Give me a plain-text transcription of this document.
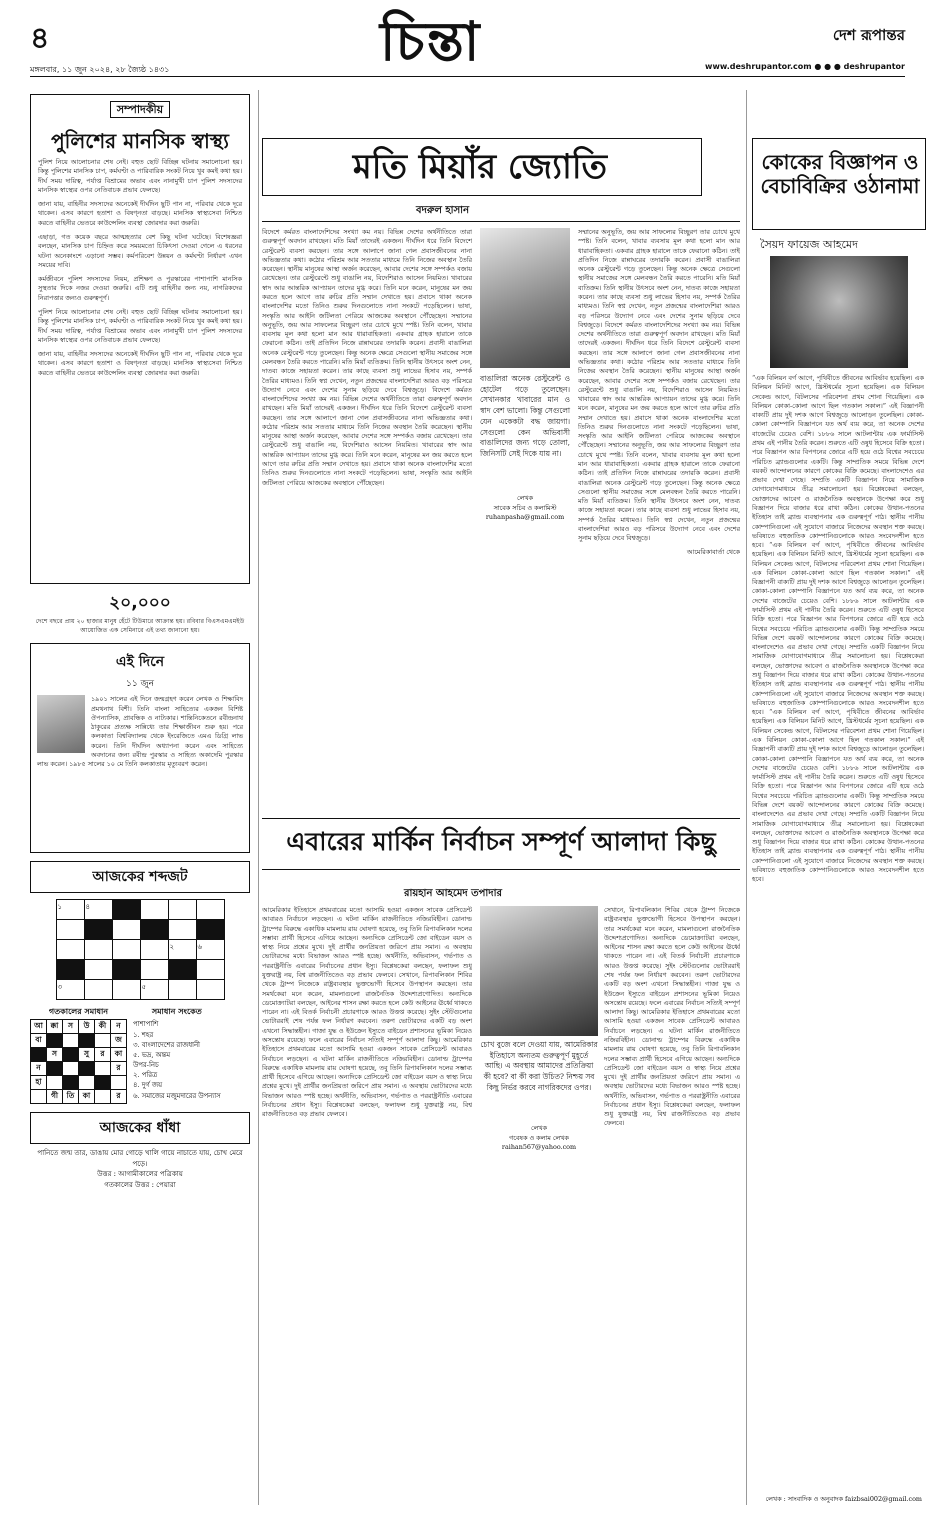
৪	চিন্তা	দেশ রূপান্তর
মঙ্গলবার, ১১ জুন ২০২৪, ২৮ জ্যৈষ্ঠ ১৪৩১	www.deshrupantor.com ● ● ● deshrupantor
সম্পাদকীয়
পুলিশের মানসিক স্বাস্থ্য

পুলিশ নিয়ে আলোচনার শেষ নেই। বহুত ছোট বিচ্ছিন্ন ঘটনায় সমালোচনা হয়। কিন্তু পুলিশের মানসিক চাপ, কর্মঘণ্টা ও পারিবারিক সংকট নিয়ে খুব কমই কথা হয়। দীর্ঘ সময় দায়িত্ব, পর্যাপ্ত বিশ্রামের অভাব এবং নানামুখী চাপ পুলিশ সদস্যদের মানসিক স্বাস্থ্যের ওপর নেতিবাচক প্রভাব ফেলছে।

জানা যায়, বাহিনীর সদস্যদের অনেকেই দীর্ঘদিন ছুটি পান না, পরিবার থেকে দূরে থাকেন। এসব কারণে হতাশা ও বিষণ্নতা বাড়ছে। মানসিক স্বাস্থ্যসেবা নিশ্চিত করতে বাহিনীর ভেতরে কাউন্সেলিং ব্যবস্থা জোরদার করা জরুরি।

এছাড়া, গত কয়েক বছরে আত্মহত্যার বেশ কিছু ঘটনা ঘটেছে। বিশেষজ্ঞরা বলছেন, মানসিক চাপ চিহ্নিত করে সময়মতো চিকিৎসা দেওয়া গেলে এ ধরনের ঘটনা অনেকাংশে এড়ানো সম্ভব। কর্মপরিবেশ উন্নয়ন ও কর্মঘণ্টা নির্ধারণ এখন সময়ের দাবি।

কর্মজীবনে পুলিশ সদস্যদের নিয়ম, প্রশিক্ষণ ও পুরস্কারের পাশাপাশি মানসিক সুস্থতার দিকে নজর দেওয়া জরুরি। এটি শুধু বাহিনীর জন্য নয়, নাগরিকদের নিরাপত্তার জন্যও গুরুত্বপূর্ণ।

পুলিশ নিয়ে আলোচনার শেষ নেই। বহুত ছোট বিচ্ছিন্ন ঘটনায় সমালোচনা হয়। কিন্তু পুলিশের মানসিক চাপ, কর্মঘণ্টা ও পারিবারিক সংকট নিয়ে খুব কমই কথা হয়। দীর্ঘ সময় দায়িত্ব, পর্যাপ্ত বিশ্রামের অভাব এবং নানামুখী চাপ পুলিশ সদস্যদের মানসিক স্বাস্থ্যের ওপর নেতিবাচক প্রভাব ফেলছে।

জানা যায়, বাহিনীর সদস্যদের অনেকেই দীর্ঘদিন ছুটি পান না, পরিবার থেকে দূরে থাকেন। এসব কারণে হতাশা ও বিষণ্নতা বাড়ছে। মানসিক স্বাস্থ্যসেবা নিশ্চিত করতে বাহিনীর ভেতরে কাউন্সেলিং ব্যবস্থা জোরদার করা জরুরি।

২০,০০০
দেশে বছরে প্রায় ২০ হাজার মানুষ হেঁটে টিউমারে আক্রান্ত হয়। রবিবার বিএসএমএমইউ আয়োজিত এক সেমিনারে এই তথ্য জানানো হয়।
এই দিনে
১১ জুন
১৯০১ সালের এই দিনে জন্মগ্রহণ করেন লেখক ও শিক্ষাবিদ প্রমথনাথ বিশী। তিনি বাংলা সাহিত্যের একজন বিশিষ্ট ঔপন্যাসিক, প্রাবন্ধিক ও নাট্যকার। শান্তিনিকেতনে রবীন্দ্রনাথ ঠাকুরের প্রত্যক্ষ সান্নিধ্যে তার শিক্ষাজীবন শুরু হয়। পরে কলকাতা বিশ্ববিদ্যালয় থেকে ইংরেজিতে এমএ ডিগ্রি লাভ করেন। তিনি দীর্ঘদিন অধ্যাপনা করেন এবং সাহিত্যে অবদানের জন্য রবীন্দ্র পুরস্কার ও সাহিত্য অকাদেমি পুরস্কার লাভ করেন। ১৯৮৫ সালের ১০ মে তিনি কলকাতায় মৃত্যুবরণ করেন।
আজকের শব্দজট
১	৪				

				২	৬

৩			৫		
গতকালের সমাধান
আ	ক্কা	স	উ	কী	ন
বা					জ
	স		সু	র	কা
ন					র
হা					
	গী	তি	কা		র
সমাধান সংকেত
পাশাপাশি
১. শহর
৩. বাংলাদেশের রাজধানী
৫. ভদ্র, অন্তম
উপর-নিচ
২. পরিত্র
৪. দুর্গ জয়
৬. সমাজের মজুমদারের উপন্যাস
আজকের ধাঁধা
পানিতে জন্ম তার, ডাঙায় মোর গোড়ে খালি গায়ে নাচাতে যায়, চোখ মেরে পড়ে।
উত্তর : আগামীকালের পত্রিকায়
গতকালের উত্তর : পেয়ারা
মতি মিয়াঁর জ্যোতি
বদরুল হাসান
বিদেশে কর্মরত বাংলাদেশিদের সংখ্যা কম নয়। বিভিন্ন দেশের অর্থনীতিতে তারা গুরুত্বপূর্ণ অবদান রাখছেন। মতি মিয়াঁ তাদেরই একজন। দীর্ঘদিন ধরে তিনি বিদেশে রেস্টুরেন্ট ব্যবসা করছেন। তার সঙ্গে আলাপে জানা গেল প্রবাসজীবনের নানা অভিজ্ঞতার কথা। কঠোর পরিশ্রম আর সততার মাধ্যমে তিনি নিজের অবস্থান তৈরি করেছেন। স্থানীয় মানুষের আস্থা অর্জন করেছেন, আবার দেশের সঙ্গে সম্পর্কও বজায় রেখেছেন। তার রেস্টুরেন্টে শুধু বাঙালি নয়, বিদেশিরাও আসেন নিয়মিত। খাবারের স্বাদ আর আন্তরিক আপ্যায়ন তাদের মুগ্ধ করে। তিনি মনে করেন, মানুষের মন জয় করতে হলে আগে তার রুচির প্রতি সম্মান দেখাতে হয়। প্রবাসে থাকা অনেক বাংলাদেশির মতো তিনিও শুরুর দিনগুলোতে নানা সংকটে পড়েছিলেন। ভাষা, সংস্কৃতি আর আইনি জটিলতা পেরিয়ে আজকের অবস্থানে পৌঁছেছেন। সম্মানের অনুভূতি, জয় আর সাফল্যের বিচ্ছুরণ তার চোখে মুখে স্পষ্ট। তিনি বলেন, খাবার ব্যবসায় মূল কথা হলো মান আর ধারাবাহিকতা। একবার গ্রাহক হারালে তাকে ফেরানো কঠিন। তাই প্রতিদিন নিজে রান্নাঘরের তদারকি করেন। প্রবাসী বাঙালিরা অনেক রেস্টুরেন্ট গড়ে তুলেছেন। কিন্তু অনেক ক্ষেত্রে সেগুলো স্থানীয় সমাজের সঙ্গে মেলবন্ধন তৈরি করতে পারেনি। মতি মিয়াঁ ব্যতিক্রম। তিনি স্থানীয় উৎসবে অংশ নেন, দাতব্য কাজে সহায়তা করেন। তার কাছে ব্যবসা শুধু লাভের হিসাব নয়, সম্পর্ক তৈরির মাধ্যমও। তিনি স্বপ্ন দেখেন, নতুন প্রজন্মের বাংলাদেশিরা আরও বড় পরিসরে উদ্যোগ নেবে এবং দেশের সুনাম ছড়িয়ে দেবে বিশ্বজুড়ে। বিদেশে কর্মরত বাংলাদেশিদের সংখ্যা কম নয়। বিভিন্ন দেশের অর্থনীতিতে তারা গুরুত্বপূর্ণ অবদান রাখছেন। মতি মিয়াঁ তাদেরই একজন। দীর্ঘদিন ধরে তিনি বিদেশে রেস্টুরেন্ট ব্যবসা করছেন। তার সঙ্গে আলাপে জানা গেল প্রবাসজীবনের নানা অভিজ্ঞতার কথা। কঠোর পরিশ্রম আর সততার মাধ্যমে তিনি নিজের অবস্থান তৈরি করেছেন। স্থানীয় মানুষের আস্থা অর্জন করেছেন, আবার দেশের সঙ্গে সম্পর্কও বজায় রেখেছেন। তার রেস্টুরেন্টে শুধু বাঙালি নয়, বিদেশিরাও আসেন নিয়মিত। খাবারের স্বাদ আর আন্তরিক আপ্যায়ন তাদের মুগ্ধ করে। তিনি মনে করেন, মানুষের মন জয় করতে হলে আগে তার রুচির প্রতি সম্মান দেখাতে হয়। প্রবাসে থাকা অনেক বাংলাদেশির মতো তিনিও শুরুর দিনগুলোতে নানা সংকটে পড়েছিলেন। ভাষা, সংস্কৃতি আর আইনি জটিলতা পেরিয়ে আজকের অবস্থানে পৌঁছেছেন।
বাঙালিরা অনেক রেস্টুরেন্ট ও হোটেল গড়ে তুলেছেন। সেখানকার খাবারের মান ও স্বাদ বেশ ভালো। কিন্তু সেগুলো যেন একেকটা বদ্ধ জায়গা। সেগুলো কেন অভিবাসী বাঙালিদের জন্য গড়ে তোলা, জিনিসটি সেই দিকে যায় না।
লেখক
সাবেক সচিব ও কলামিস্ট ruhanpasha@gmail.com
সম্মানের অনুভূতি, জয় আর সাফল্যের বিচ্ছুরণ তার চোখে মুখে স্পষ্ট। তিনি বলেন, খাবার ব্যবসায় মূল কথা হলো মান আর ধারাবাহিকতা। একবার গ্রাহক হারালে তাকে ফেরানো কঠিন। তাই প্রতিদিন নিজে রান্নাঘরের তদারকি করেন। প্রবাসী বাঙালিরা অনেক রেস্টুরেন্ট গড়ে তুলেছেন। কিন্তু অনেক ক্ষেত্রে সেগুলো স্থানীয় সমাজের সঙ্গে মেলবন্ধন তৈরি করতে পারেনি। মতি মিয়াঁ ব্যতিক্রম। তিনি স্থানীয় উৎসবে অংশ নেন, দাতব্য কাজে সহায়তা করেন। তার কাছে ব্যবসা শুধু লাভের হিসাব নয়, সম্পর্ক তৈরির মাধ্যমও। তিনি স্বপ্ন দেখেন, নতুন প্রজন্মের বাংলাদেশিরা আরও বড় পরিসরে উদ্যোগ নেবে এবং দেশের সুনাম ছড়িয়ে দেবে বিশ্বজুড়ে। বিদেশে কর্মরত বাংলাদেশিদের সংখ্যা কম নয়। বিভিন্ন দেশের অর্থনীতিতে তারা গুরুত্বপূর্ণ অবদান রাখছেন। মতি মিয়াঁ তাদেরই একজন। দীর্ঘদিন ধরে তিনি বিদেশে রেস্টুরেন্ট ব্যবসা করছেন। তার সঙ্গে আলাপে জানা গেল প্রবাসজীবনের নানা অভিজ্ঞতার কথা। কঠোর পরিশ্রম আর সততার মাধ্যমে তিনি নিজের অবস্থান তৈরি করেছেন। স্থানীয় মানুষের আস্থা অর্জন করেছেন, আবার দেশের সঙ্গে সম্পর্কও বজায় রেখেছেন। তার রেস্টুরেন্টে শুধু বাঙালি নয়, বিদেশিরাও আসেন নিয়মিত। খাবারের স্বাদ আর আন্তরিক আপ্যায়ন তাদের মুগ্ধ করে। তিনি মনে করেন, মানুষের মন জয় করতে হলে আগে তার রুচির প্রতি সম্মান দেখাতে হয়। প্রবাসে থাকা অনেক বাংলাদেশির মতো তিনিও শুরুর দিনগুলোতে নানা সংকটে পড়েছিলেন। ভাষা, সংস্কৃতি আর আইনি জটিলতা পেরিয়ে আজকের অবস্থানে পৌঁছেছেন। সম্মানের অনুভূতি, জয় আর সাফল্যের বিচ্ছুরণ তার চোখে মুখে স্পষ্ট। তিনি বলেন, খাবার ব্যবসায় মূল কথা হলো মান আর ধারাবাহিকতা। একবার গ্রাহক হারালে তাকে ফেরানো কঠিন। তাই প্রতিদিন নিজে রান্নাঘরের তদারকি করেন। প্রবাসী বাঙালিরা অনেক রেস্টুরেন্ট গড়ে তুলেছেন। কিন্তু অনেক ক্ষেত্রে সেগুলো স্থানীয় সমাজের সঙ্গে মেলবন্ধন তৈরি করতে পারেনি। মতি মিয়াঁ ব্যতিক্রম। তিনি স্থানীয় উৎসবে অংশ নেন, দাতব্য কাজে সহায়তা করেন। তার কাছে ব্যবসা শুধু লাভের হিসাব নয়, সম্পর্ক তৈরির মাধ্যমও। তিনি স্বপ্ন দেখেন, নতুন প্রজন্মের বাংলাদেশিরা আরও বড় পরিসরে উদ্যোগ নেবে এবং দেশের সুনাম ছড়িয়ে দেবে বিশ্বজুড়ে।
আমেরিকাবার্তা থেকে
এবারের মার্কিন নির্বাচন সম্পূর্ণ আলাদা কিছু
রায়হান আহমেদ তপাদার
আমেরিকার ইতিহাসে প্রথমবারের মতো আসামি হওয়া একজন সাবেক প্রেসিডেন্ট আবারও নির্বাচনে লড়ছেন। এ ঘটনা মার্কিন রাজনীতিতে নজিরবিহীন। ডোনাল্ড ট্রাম্পের বিরুদ্ধে একাধিক মামলায় রায় ঘোষণা হয়েছে, তবু তিনি রিপাবলিকান দলের সম্ভাব্য প্রার্থী হিসেবে এগিয়ে আছেন। অন্যদিকে প্রেসিডেন্ট জো বাইডেন বয়স ও স্বাস্থ্য নিয়ে প্রশ্নের মুখে। দুই প্রার্থীর জনপ্রিয়তা জরিপে প্রায় সমান। এ অবস্থায় ভোটারদের মধ্যে বিভাজন আরও স্পষ্ট হচ্ছে। অর্থনীতি, অভিবাসন, গর্ভপাত ও পররাষ্ট্রনীতি এবারের নির্বাচনের প্রধান ইস্যু। বিশ্লেষকেরা বলছেন, ফলাফল শুধু যুক্তরাষ্ট্র নয়, বিশ্ব রাজনীতিতেও বড় প্রভাব ফেলবে। সেখানে, রিপাবলিকান শিবির থেকে ট্রাম্প নিজেকে রাষ্ট্রব্যবস্থার ভুক্তভোগী হিসেবে উপস্থাপন করছেন। তার সমর্থকেরা মনে করেন, মামলাগুলো রাজনৈতিক উদ্দেশ্যপ্রণোদিত। অন্যদিকে ডেমোক্র্যাটরা বলছেন, আইনের শাসন রক্ষা করতে হলে কেউ আইনের ঊর্ধ্বে থাকতে পারেন না। এই বিতর্ক নির্বাচনী প্রচারণাকে আরও উত্তপ্ত করেছে। সুইং স্টেটগুলোর ভোটাররাই শেষ পর্যন্ত ফল নির্ধারণ করবেন। তরুণ ভোটারদের একটি বড় অংশ এখনো সিদ্ধান্তহীন। গাজা যুদ্ধ ও ইউক্রেন ইস্যুতে বাইডেন প্রশাসনের ভূমিকা নিয়েও অসন্তোষ রয়েছে। ফলে এবারের নির্বাচন সত্যিই সম্পূর্ণ আলাদা কিছু। আমেরিকার ইতিহাসে প্রথমবারের মতো আসামি হওয়া একজন সাবেক প্রেসিডেন্ট আবারও নির্বাচনে লড়ছেন। এ ঘটনা মার্কিন রাজনীতিতে নজিরবিহীন। ডোনাল্ড ট্রাম্পের বিরুদ্ধে একাধিক মামলায় রায় ঘোষণা হয়েছে, তবু তিনি রিপাবলিকান দলের সম্ভাব্য প্রার্থী হিসেবে এগিয়ে আছেন। অন্যদিকে প্রেসিডেন্ট জো বাইডেন বয়স ও স্বাস্থ্য নিয়ে প্রশ্নের মুখে। দুই প্রার্থীর জনপ্রিয়তা জরিপে প্রায় সমান। এ অবস্থায় ভোটারদের মধ্যে বিভাজন আরও স্পষ্ট হচ্ছে। অর্থনীতি, অভিবাসন, গর্ভপাত ও পররাষ্ট্রনীতি এবারের নির্বাচনের প্রধান ইস্যু। বিশ্লেষকেরা বলছেন, ফলাফল শুধু যুক্তরাষ্ট্র নয়, বিশ্ব রাজনীতিতেও বড় প্রভাব ফেলবে।
চোখ বুজে বলে দেওয়া যায়, আমেরিকার ইতিহাসে অন্যতম গুরুত্বপূর্ণ মুহূর্তে আছি। এ অবস্থায় আমাদের প্রতিক্রিয়া কী হবে? বা কী করা উচিত? নিশ্চয় সব কিছু নির্ভর করবে নাগরিকদের ওপর।
লেখক
গবেষক ও কলাম লেখক raihan567@yahoo.com
সেখানে, রিপাবলিকান শিবির থেকে ট্রাম্প নিজেকে রাষ্ট্রব্যবস্থার ভুক্তভোগী হিসেবে উপস্থাপন করছেন। তার সমর্থকেরা মনে করেন, মামলাগুলো রাজনৈতিক উদ্দেশ্যপ্রণোদিত। অন্যদিকে ডেমোক্র্যাটরা বলছেন, আইনের শাসন রক্ষা করতে হলে কেউ আইনের ঊর্ধ্বে থাকতে পারেন না। এই বিতর্ক নির্বাচনী প্রচারণাকে আরও উত্তপ্ত করেছে। সুইং স্টেটগুলোর ভোটাররাই শেষ পর্যন্ত ফল নির্ধারণ করবেন। তরুণ ভোটারদের একটি বড় অংশ এখনো সিদ্ধান্তহীন। গাজা যুদ্ধ ও ইউক্রেন ইস্যুতে বাইডেন প্রশাসনের ভূমিকা নিয়েও অসন্তোষ রয়েছে। ফলে এবারের নির্বাচন সত্যিই সম্পূর্ণ আলাদা কিছু। আমেরিকার ইতিহাসে প্রথমবারের মতো আসামি হওয়া একজন সাবেক প্রেসিডেন্ট আবারও নির্বাচনে লড়ছেন। এ ঘটনা মার্কিন রাজনীতিতে নজিরবিহীন। ডোনাল্ড ট্রাম্পের বিরুদ্ধে একাধিক মামলায় রায় ঘোষণা হয়েছে, তবু তিনি রিপাবলিকান দলের সম্ভাব্য প্রার্থী হিসেবে এগিয়ে আছেন। অন্যদিকে প্রেসিডেন্ট জো বাইডেন বয়স ও স্বাস্থ্য নিয়ে প্রশ্নের মুখে। দুই প্রার্থীর জনপ্রিয়তা জরিপে প্রায় সমান। এ অবস্থায় ভোটারদের মধ্যে বিভাজন আরও স্পষ্ট হচ্ছে। অর্থনীতি, অভিবাসন, গর্ভপাত ও পররাষ্ট্রনীতি এবারের নির্বাচনের প্রধান ইস্যু। বিশ্লেষকেরা বলছেন, ফলাফল শুধু যুক্তরাষ্ট্র নয়, বিশ্ব রাজনীতিতেও বড় প্রভাব ফেলবে।
কোকের বিজ্ঞাপন ও বেচাবিক্রির ওঠানামা
সৈয়দ ফায়েজ আহমেদ
“এক বিলিয়ন বর্গ আগে, পৃথিবীতে জীবনের আবির্ভাব হয়েছিল। এক বিলিয়ন মিনিট আগে, খ্রিস্টধর্মের সূচনা হয়েছিল। এক বিলিয়ন সেকেন্ড আগে, বিটলসের পরিবেশনা প্রথম শোনা গিয়েছিল। এক বিলিয়ন কোকা-কোলা আগে ছিল গতকাল সকাল।” এই বিজ্ঞাপনী বাক্যটি প্রায় দুই দশক আগে বিশ্বজুড়ে আলোড়ন তুলেছিল। কোকা-কোলা কোম্পানি বিজ্ঞাপনে যত অর্থ ব্যয় করে, তা অনেক দেশের বাজেটের চেয়েও বেশি। ১৮৮৬ সালে আটলান্টায় এক ফার্মাসিস্ট প্রথম এই পানীয় তৈরি করেন। শুরুতে এটি ওষুধ হিসেবে বিক্রি হতো। পরে বিজ্ঞাপন আর বিপণনের জোরে এটি হয়ে ওঠে বিশ্বের সবচেয়ে পরিচিত ব্র্যান্ডগুলোর একটি। কিন্তু সাম্প্রতিক সময়ে বিভিন্ন দেশে বয়কট আন্দোলনের কারণে কোকের বিক্রি কমেছে। বাংলাদেশেও এর প্রভাব দেখা গেছে। সম্প্রতি একটি বিজ্ঞাপন নিয়ে সামাজিক যোগাযোগমাধ্যমে তীব্র সমালোচনা হয়। বিশ্লেষকেরা বলছেন, ভোক্তাদের আবেগ ও রাজনৈতিক অবস্থানকে উপেক্ষা করে শুধু বিজ্ঞাপন দিয়ে বাজার ধরে রাখা কঠিন। কোকের উত্থান-পতনের ইতিহাস তাই ব্র্যান্ড ব্যবস্থাপনার এক গুরুত্বপূর্ণ পাঠ। স্থানীয় পানীয় কোম্পানিগুলো এই সুযোগে বাজারে নিজেদের অবস্থান শক্ত করছে। ভবিষ্যতে বহুজাতিক কোম্পানিগুলোকে আরও সংবেদনশীল হতে হবে। “এক বিলিয়ন বর্গ আগে, পৃথিবীতে জীবনের আবির্ভাব হয়েছিল। এক বিলিয়ন মিনিট আগে, খ্রিস্টধর্মের সূচনা হয়েছিল। এক বিলিয়ন সেকেন্ড আগে, বিটলসের পরিবেশনা প্রথম শোনা গিয়েছিল। এক বিলিয়ন কোকা-কোলা আগে ছিল গতকাল সকাল।” এই বিজ্ঞাপনী বাক্যটি প্রায় দুই দশক আগে বিশ্বজুড়ে আলোড়ন তুলেছিল। কোকা-কোলা কোম্পানি বিজ্ঞাপনে যত অর্থ ব্যয় করে, তা অনেক দেশের বাজেটের চেয়েও বেশি। ১৮৮৬ সালে আটলান্টায় এক ফার্মাসিস্ট প্রথম এই পানীয় তৈরি করেন। শুরুতে এটি ওষুধ হিসেবে বিক্রি হতো। পরে বিজ্ঞাপন আর বিপণনের জোরে এটি হয়ে ওঠে বিশ্বের সবচেয়ে পরিচিত ব্র্যান্ডগুলোর একটি। কিন্তু সাম্প্রতিক সময়ে বিভিন্ন দেশে বয়কট আন্দোলনের কারণে কোকের বিক্রি কমেছে। বাংলাদেশেও এর প্রভাব দেখা গেছে। সম্প্রতি একটি বিজ্ঞাপন নিয়ে সামাজিক যোগাযোগমাধ্যমে তীব্র সমালোচনা হয়। বিশ্লেষকেরা বলছেন, ভোক্তাদের আবেগ ও রাজনৈতিক অবস্থানকে উপেক্ষা করে শুধু বিজ্ঞাপন দিয়ে বাজার ধরে রাখা কঠিন। কোকের উত্থান-পতনের ইতিহাস তাই ব্র্যান্ড ব্যবস্থাপনার এক গুরুত্বপূর্ণ পাঠ। স্থানীয় পানীয় কোম্পানিগুলো এই সুযোগে বাজারে নিজেদের অবস্থান শক্ত করছে। ভবিষ্যতে বহুজাতিক কোম্পানিগুলোকে আরও সংবেদনশীল হতে হবে। “এক বিলিয়ন বর্গ আগে, পৃথিবীতে জীবনের আবির্ভাব হয়েছিল। এক বিলিয়ন মিনিট আগে, খ্রিস্টধর্মের সূচনা হয়েছিল। এক বিলিয়ন সেকেন্ড আগে, বিটলসের পরিবেশনা প্রথম শোনা গিয়েছিল। এক বিলিয়ন কোকা-কোলা আগে ছিল গতকাল সকাল।” এই বিজ্ঞাপনী বাক্যটি প্রায় দুই দশক আগে বিশ্বজুড়ে আলোড়ন তুলেছিল। কোকা-কোলা কোম্পানি বিজ্ঞাপনে যত অর্থ ব্যয় করে, তা অনেক দেশের বাজেটের চেয়েও বেশি। ১৮৮৬ সালে আটলান্টায় এক ফার্মাসিস্ট প্রথম এই পানীয় তৈরি করেন। শুরুতে এটি ওষুধ হিসেবে বিক্রি হতো। পরে বিজ্ঞাপন আর বিপণনের জোরে এটি হয়ে ওঠে বিশ্বের সবচেয়ে পরিচিত ব্র্যান্ডগুলোর একটি। কিন্তু সাম্প্রতিক সময়ে বিভিন্ন দেশে বয়কট আন্দোলনের কারণে কোকের বিক্রি কমেছে। বাংলাদেশেও এর প্রভাব দেখা গেছে। সম্প্রতি একটি বিজ্ঞাপন নিয়ে সামাজিক যোগাযোগমাধ্যমে তীব্র সমালোচনা হয়। বিশ্লেষকেরা বলছেন, ভোক্তাদের আবেগ ও রাজনৈতিক অবস্থানকে উপেক্ষা করে শুধু বিজ্ঞাপন দিয়ে বাজার ধরে রাখা কঠিন। কোকের উত্থান-পতনের ইতিহাস তাই ব্র্যান্ড ব্যবস্থাপনার এক গুরুত্বপূর্ণ পাঠ। স্থানীয় পানীয় কোম্পানিগুলো এই সুযোগে বাজারে নিজেদের অবস্থান শক্ত করছে। ভবিষ্যতে বহুজাতিক কোম্পানিগুলোকে আরও সংবেদনশীল হতে হবে।
লেখক : সাংবাদিক ও অনুবাদক faizbsai002@gmail.com
